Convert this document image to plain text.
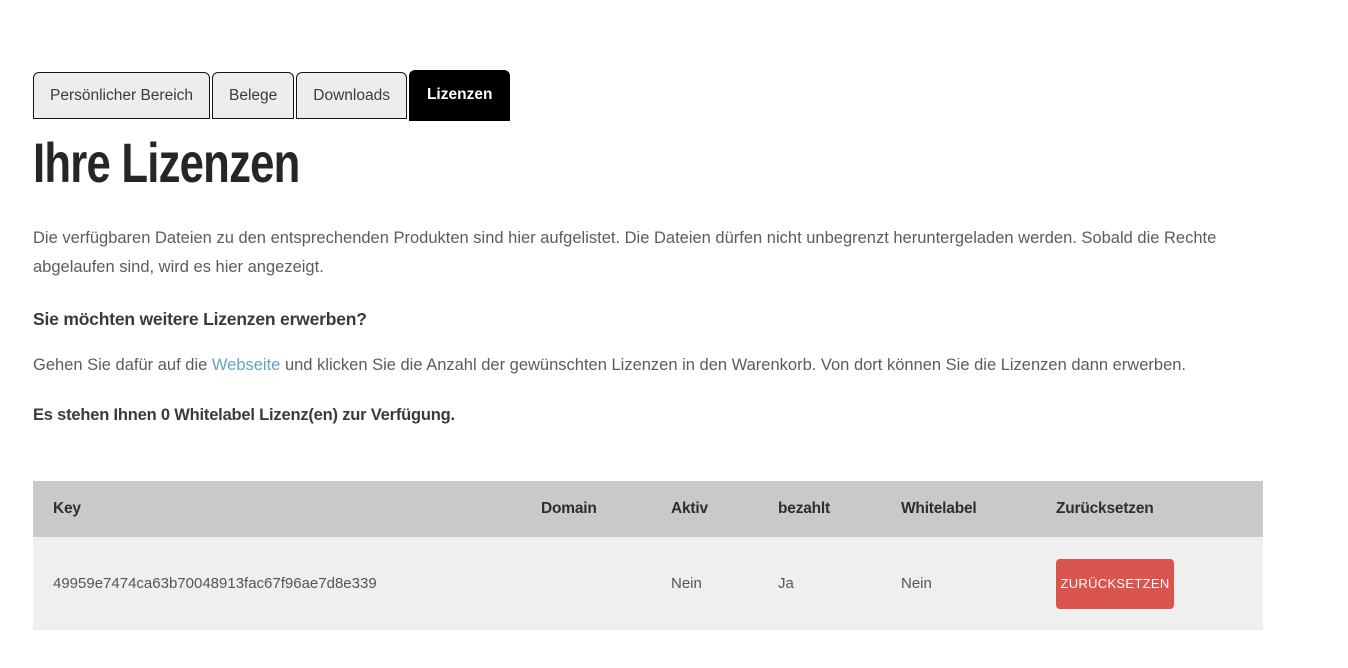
Persönlicher Bereich	Belege	Downloads	Lizenzen
Ihre Lizenzen

Die verfügbaren Dateien zu den entsprechenden Produkten sind hier aufgelistet. Die Dateien dürfen nicht unbegrenzt heruntergeladen werden. Sobald die Rechte abgelaufen sind, wird es hier angezeigt.

Sie möchten weitere Lizenzen erwerben?

Gehen Sie dafür auf die Webseite und klicken Sie die Anzahl der gewünschten Lizenzen in den Warenkorb. Von dort können Sie die Lizenzen dann erwerben.

Es stehen Ihnen 0 Whitelabel Lizenz(en) zur Verfügung.

Key	Domain	Aktiv	bezahlt	Whitelabel	Zurücksetzen
49959e7474ca63b70048913fac67f96ae7d8e339		Nein	Ja	Nein	ZURÜCKSETZEN
